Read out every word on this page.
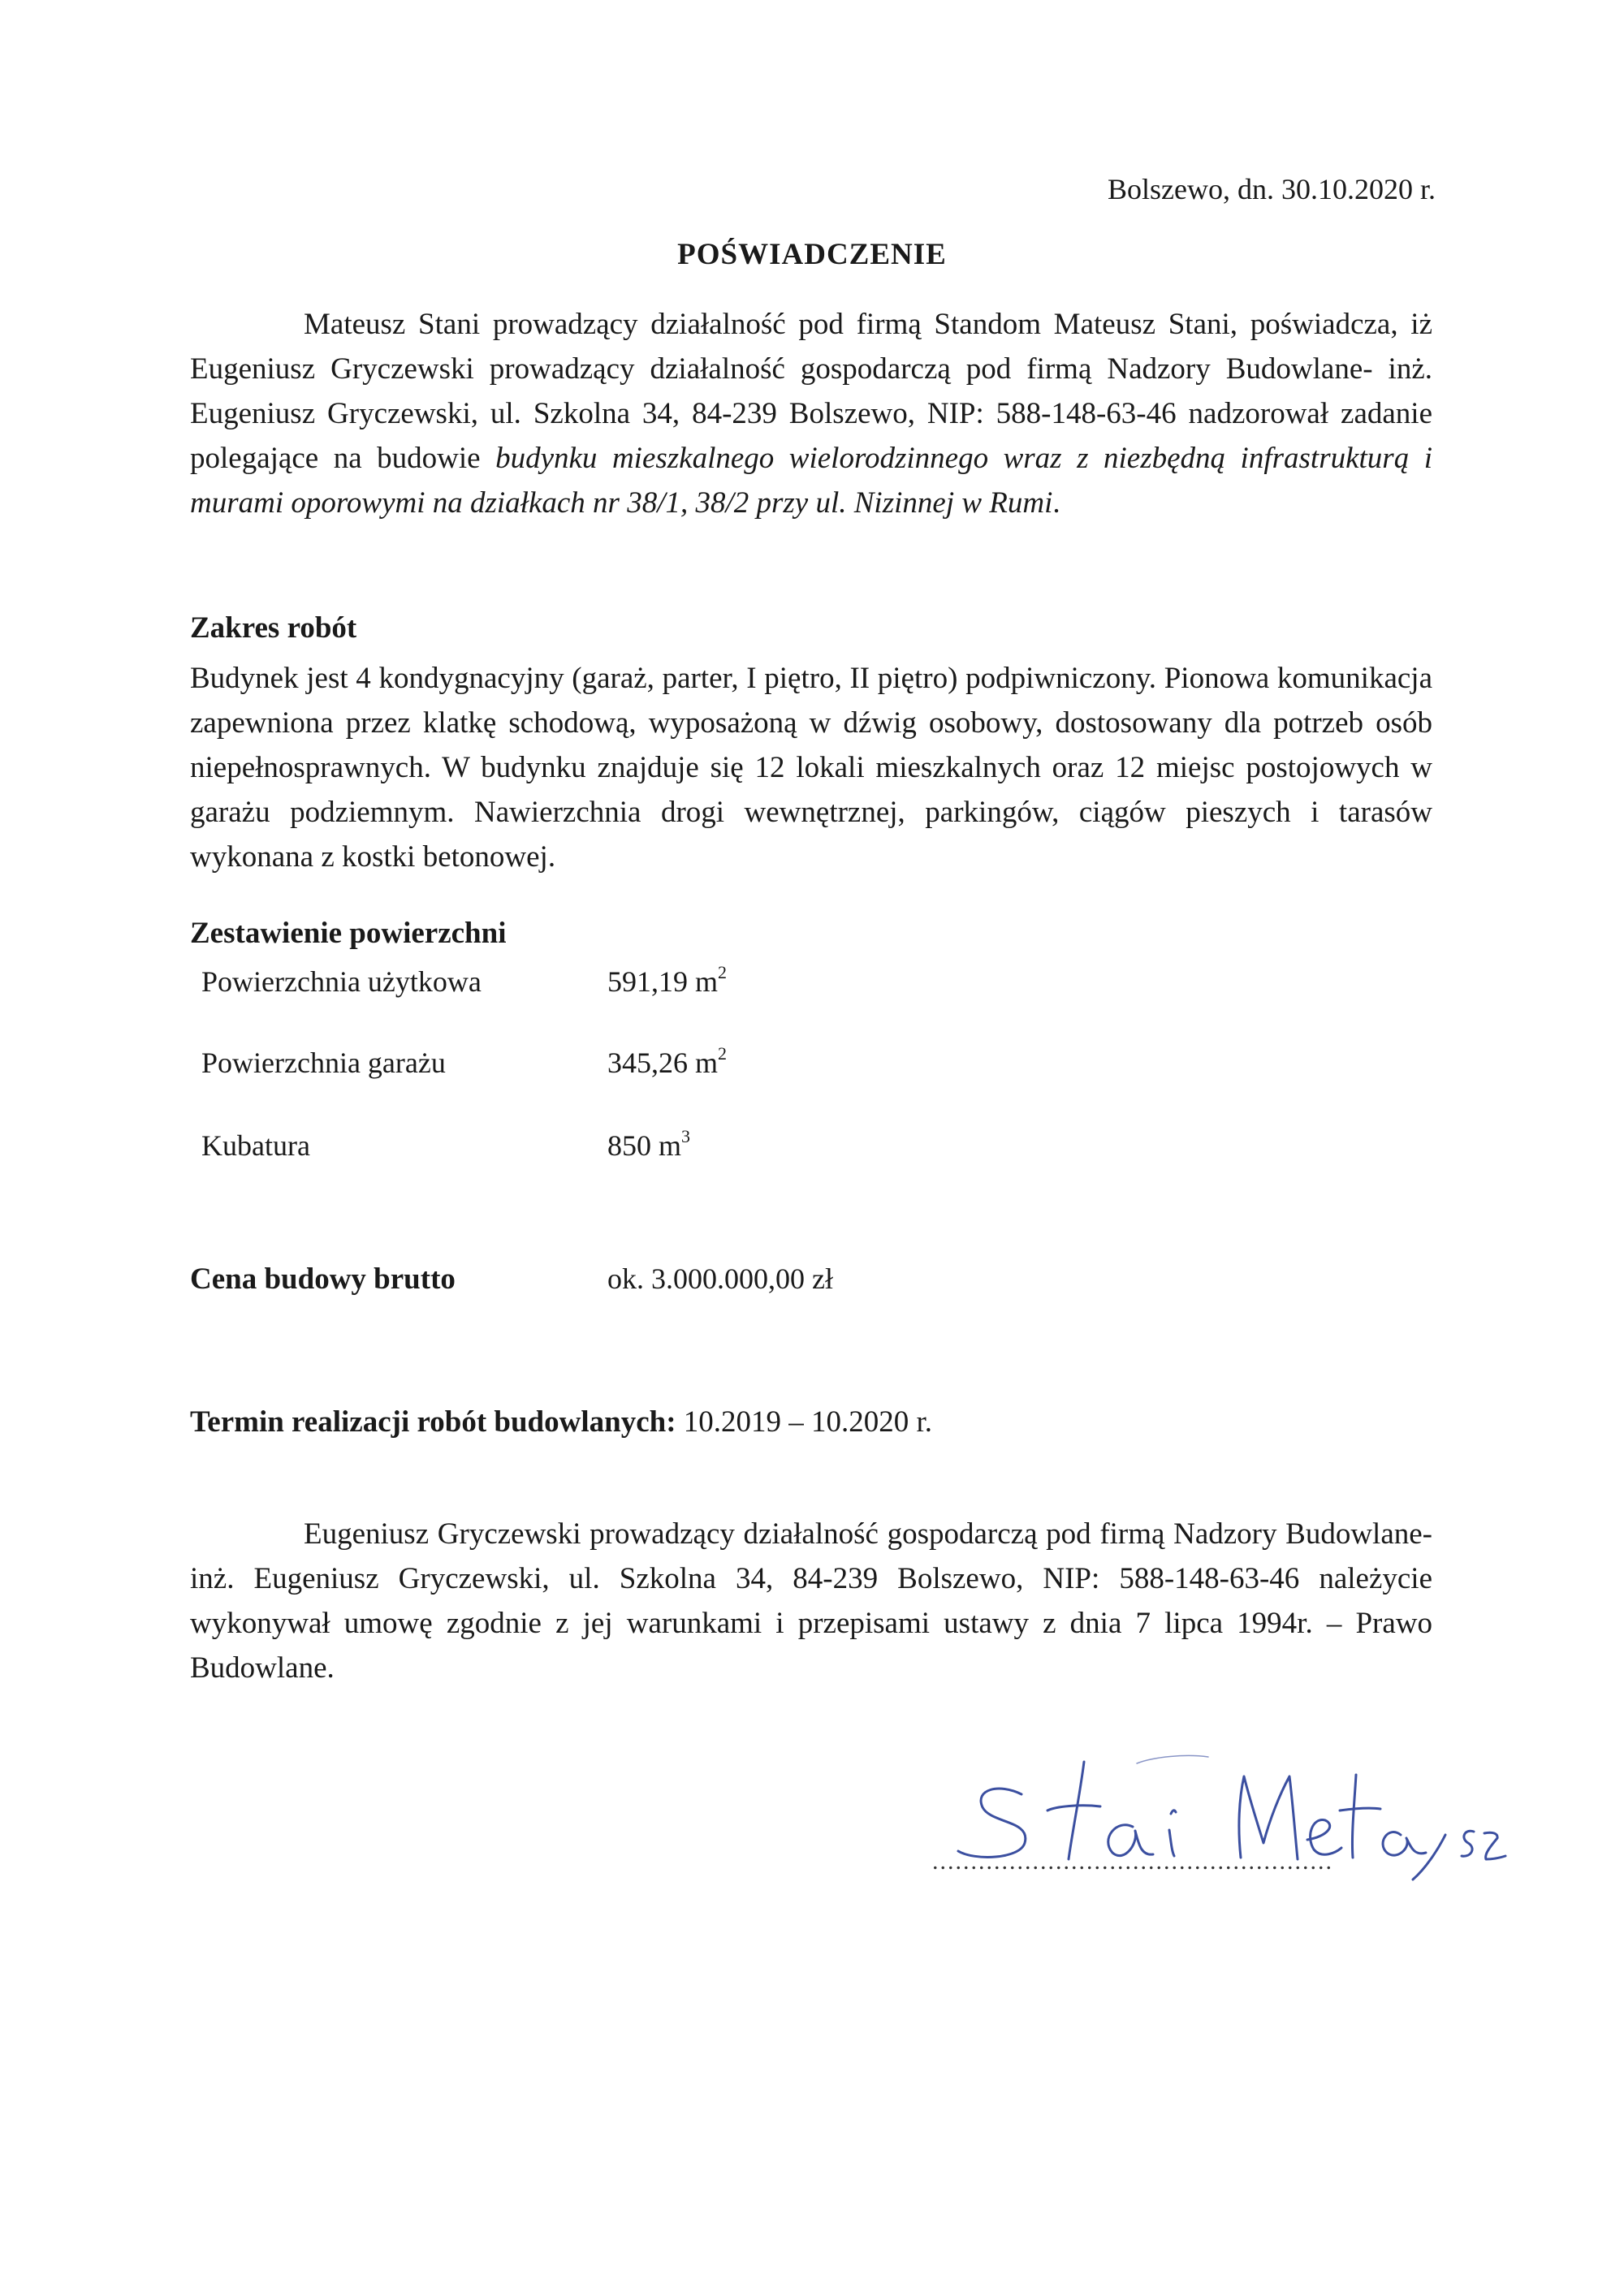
Bolszewo, dn. 30.10.2020 r.
POŚWIADCZENIE

Mateusz Stani prowadzący działalność pod firmą Standom Mateusz Stani, poświadcza, iż Eugeniusz Gryczewski prowadzący działalność gospodarczą pod firmą Nadzory Budowlane- inż. Eugeniusz Gryczewski, ul. Szkolna 34, 84-239 Bolszewo, NIP: 588-148-63-46 nadzorował zadanie polegające na budowie budynku mieszkalnego wielorodzinnego wraz z niezbędną infrastrukturą i murami oporowymi na działkach nr 38/1, 38/2 przy ul. Nizinnej w Rumi.

Zakres robót

Budynek jest 4 kondygnacyjny (garaż, parter, I piętro, II piętro) podpiwniczony. Pionowa komunikacja zapewniona przez klatkę schodową, wyposażoną w dźwig osobowy, dostosowany dla potrzeb osób niepełnosprawnych. W budynku znajduje się 12 lokali mieszkalnych oraz 12 miejsc postojowych w garażu podziemnym. Nawierzchnia drogi wewnętrznej, parkingów, ciągów pieszych i tarasów wykonana z kostki betonowej.

Zestawienie powierzchni
Powierzchnia użytkowa	591,19 $m^2$
Powierzchnia garażu	345,26 $m^2$
Kubatura	850 $m^3$
Cena budowy brutto	ok. 3.000.000,00 zł
Termin realizacji robót budowlanych: 10.2019 – 10.2020 r.

Eugeniusz Gryczewski prowadzący działalność gospodarczą pod firmą Nadzory Budowlane- inż. Eugeniusz Gryczewski, ul. Szkolna 34, 84-239 Bolszewo, NIP: 588-148-63-46 należycie wykonywał umowę zgodnie z jej warunkami i przepisami ustawy z dnia 7 lipca 1994r. – Prawo Budowlane.

....................................................
